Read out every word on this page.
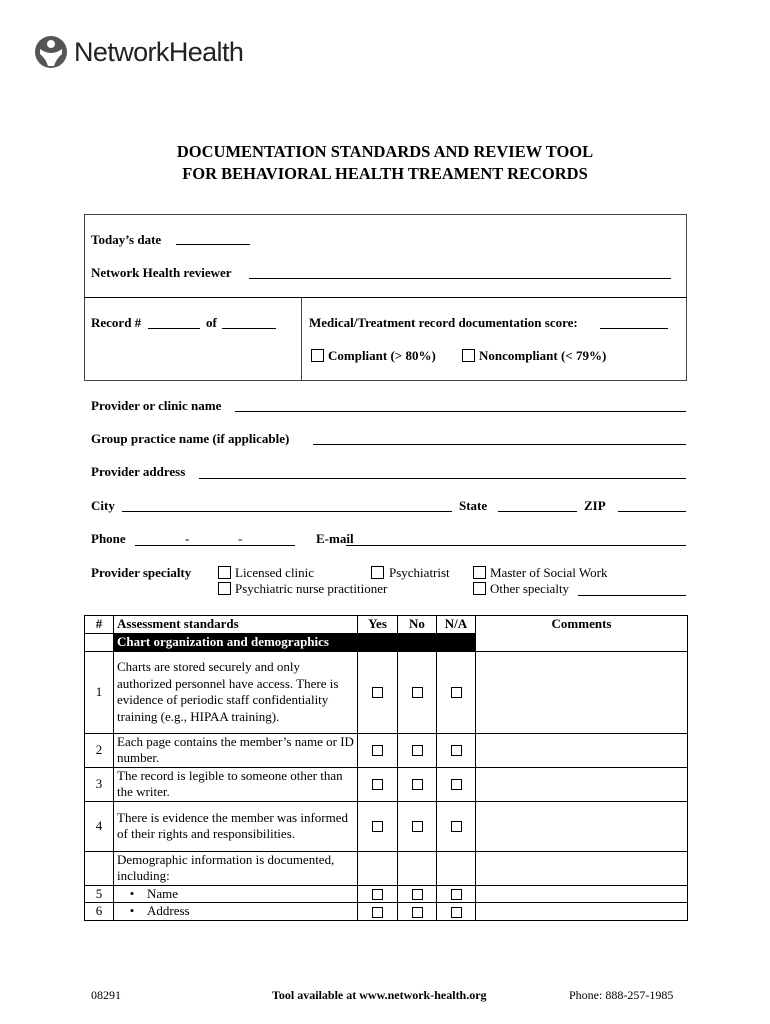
NetworkHealth
DOCUMENTATION STANDARDS AND REVIEW TOOL
FOR BEHAVIORAL HEALTH TREAMENT RECORDS
Today’s date
Network Health reviewer
Record #	of	Medical/Treatment record documentation score:
Compliant (> 80%)	Noncompliant (< 79%)
Provider or clinic name
Group practice name (if applicable)
Provider address
City	State	ZIP
Phone	-	-	E-mail
Provider specialty	Licensed clinic	Psychiatrist	Master of Social Work
Psychiatric nurse practitioner	Other specialty
#	Assessment standards	Yes	No	N/A	Comments
	Chart organization and demographics				
1	Charts are stored securely and only authorized personnel have access. There is evidence of periodic staff confidentiality training (e.g., HIPAA training).				
2	Each page contains the member’s name or ID number.				
3	The record is legible to someone other than the writer.				
4	There is evidence the member was informed of their rights and responsibilities.				
	Demographic information is documented, including:				
5	• Name				
6	• Address				
08291	Tool available at www.network-health.org	Phone: 888-257-1985
